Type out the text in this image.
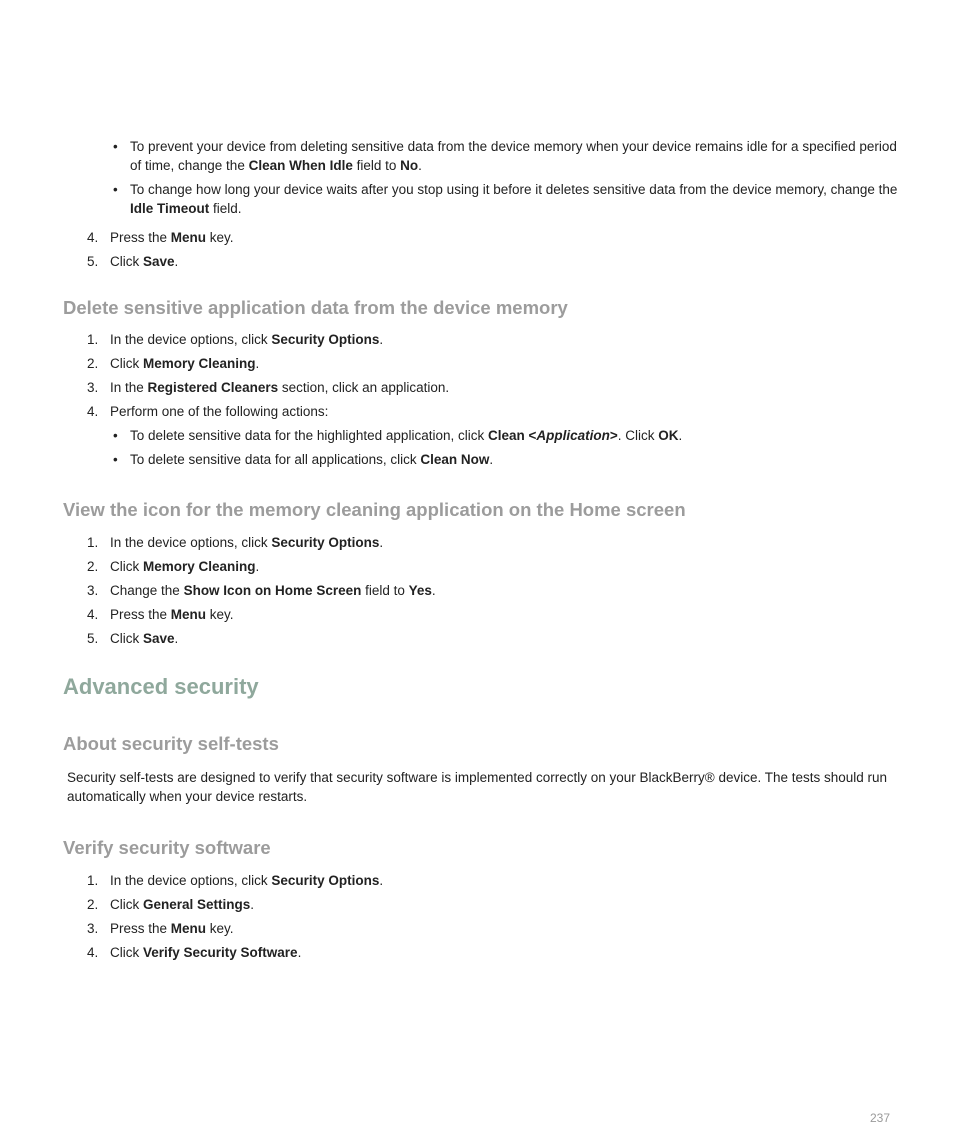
• To prevent your device from deleting sensitive data from the device memory when your device remains idle for a specified period of time, change the Clean When Idle field to No.
• To change how long your device waits after you stop using it before it deletes sensitive data from the device memory, change the Idle Timeout field.
4. Press the Menu key.
5. Click Save.
Delete sensitive application data from the device memory
1. In the device options, click Security Options.
2. Click Memory Cleaning.
3. In the Registered Cleaners section, click an application.
4. Perform one of the following actions:
• To delete sensitive data for the highlighted application, click Clean <Application>. Click OK.
• To delete sensitive data for all applications, click Clean Now.
View the icon for the memory cleaning application on the Home screen
1. In the device options, click Security Options.
2. Click Memory Cleaning.
3. Change the Show Icon on Home Screen field to Yes.
4. Press the Menu key.
5. Click Save.
Advanced security
About security self-tests

Security self-tests are designed to verify that security software is implemented correctly on your BlackBerry® device. The tests should run automatically when your device restarts.

Verify security software
1. In the device options, click Security Options.
2. Click General Settings.
3. Press the Menu key.
4. Click Verify Security Software.
237
